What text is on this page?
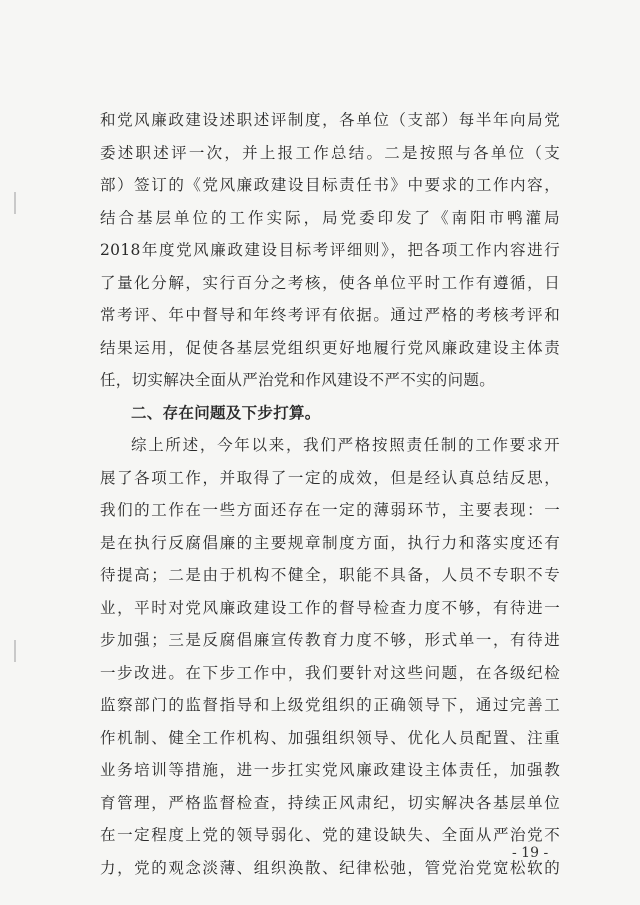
和党风廉政建设述职述评制度，各单位（支部）每半年向局党
委述职述评一次，并上报工作总结。二是按照与各单位（支
部）签订的《党风廉政建设目标责任书》中要求的工作内容，
结合基层单位的工作实际，局党委印发了《南阳市鸭灌局
2018年度党风廉政建设目标考评细则》，把各项工作内容进行
了量化分解，实行百分之考核，使各单位平时工作有遵循，日
常考评、年中督导和年终考评有依据。通过严格的考核考评和
结果运用，促使各基层党组织更好地履行党风廉政建设主体责
任，切实解决全面从严治党和作风建设不严不实的问题。
二、存在问题及下步打算。
综上所述，今年以来，我们严格按照责任制的工作要求开
展了各项工作，并取得了一定的成效，但是经认真总结反思，
我们的工作在一些方面还存在一定的薄弱环节，主要表现：一
是在执行反腐倡廉的主要规章制度方面，执行力和落实度还有
待提高；二是由于机构不健全，职能不具备，人员不专职不专
业，平时对党风廉政建设工作的督导检查力度不够，有待进一
步加强；三是反腐倡廉宣传教育力度不够，形式单一，有待进
一步改进。在下步工作中，我们要针对这些问题，在各级纪检
监察部门的监督指导和上级党组织的正确领导下，通过完善工
作机制、健全工作机构、加强组织领导、优化人员配置、注重
业务培训等措施，进一步扛实党风廉政建设主体责任，加强教
育管理，严格监督检查，持续正风肃纪，切实解决各基层单位
在一定程度上党的领导弱化、党的建设缺失、全面从严治党不
力，党的观念淡薄、组织涣散、纪律松弛，管党治党宽松软的
- 19 -
